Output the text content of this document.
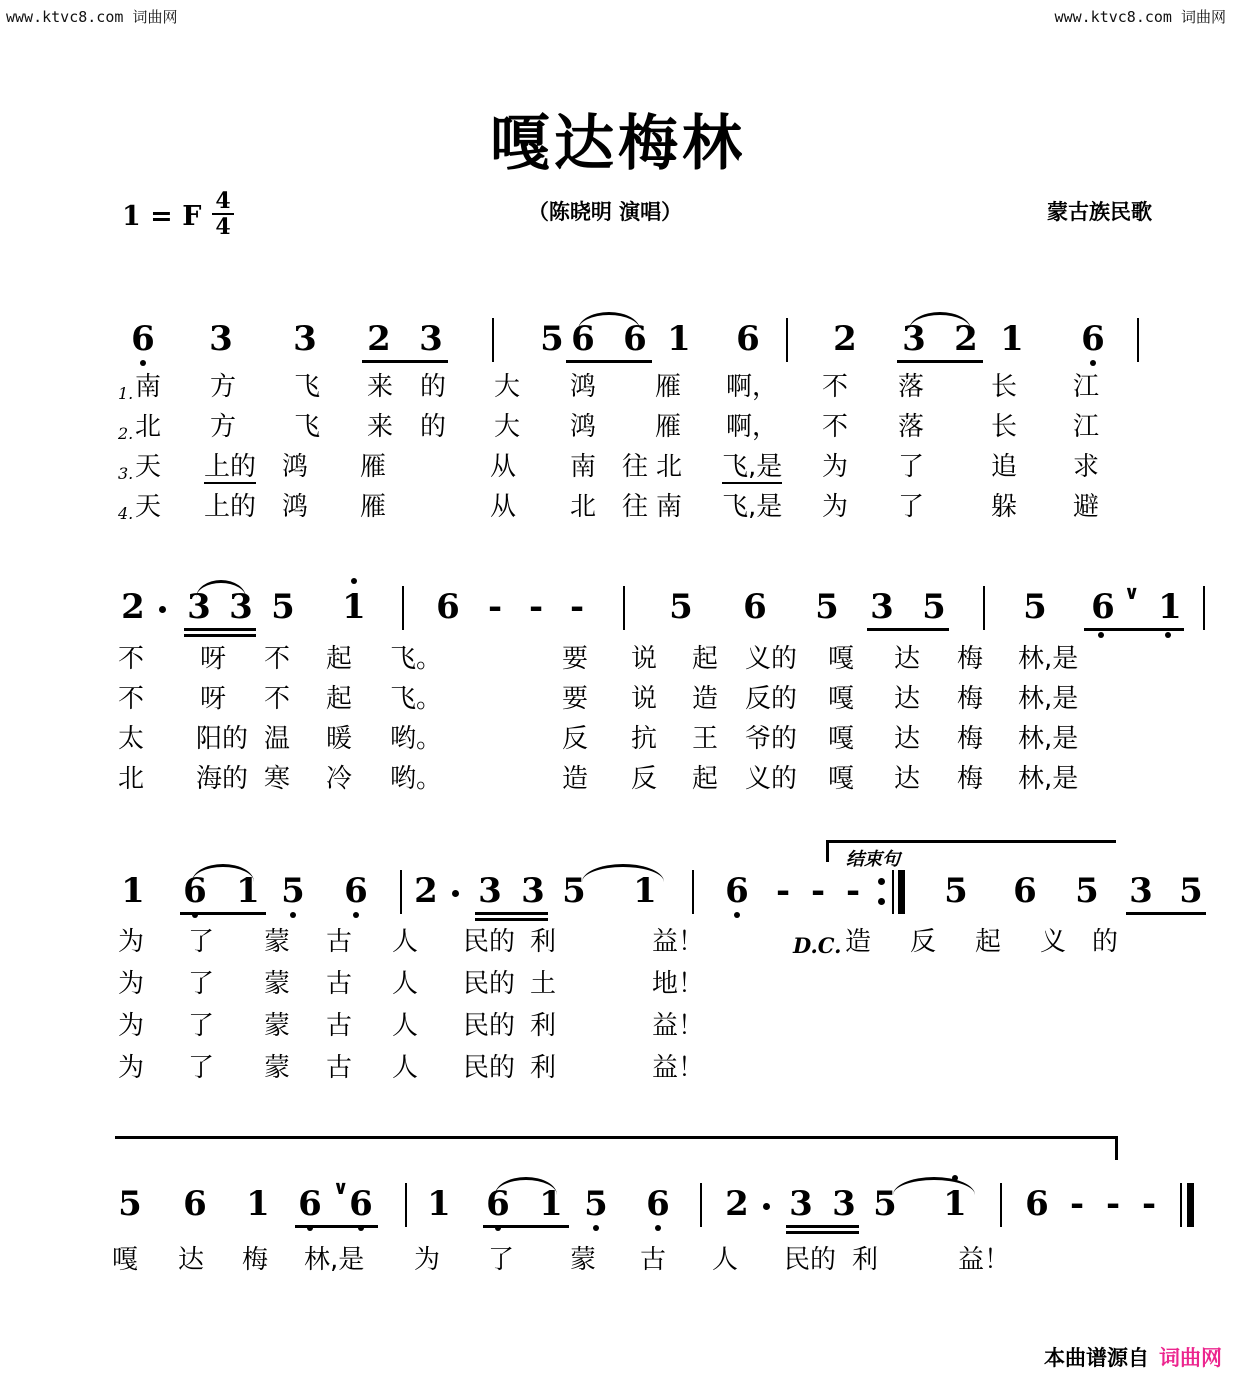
www.ktvc8.com 词曲网	www.ktvc8.com 词曲网
嘎达梅林
1 = F $\frac{4}{4}$	（陈晓明 演唱）	蒙古族民歌
6 3 3 2 3	5 6 6 1 6 2 3 2 1 6
1. 南 方 飞 来 的 大 鸿 雁 啊， 不 落	长 江
2. 北 方 飞 来 的 大 鸿 雁 啊， 不 落	长 江
3. 天 上的 鸿 雁	从 南 往 北 飞,是 为 了	追 求
4. 天 上的 鸿 雁	从 北 往 南 飞,是 为 了	躲 避
2 3 3 5 1 6 - - -	5 6 5 3 5 5 6 1
不 呀 不 起 飞。	要 说 起 义的 嘎 达 梅 林,是
不 呀 不 起 飞。	要 说 造 反的 嘎 达 梅 林,是
太 阳的 温 暖 哟。	反 抗 王 爷的 嘎 达 梅 林,是
北 海的 寒 冷 哟。	造 反 起 义的 嘎 达 梅 林,是
∨
1 6 1 5 6 2 3 3 5 1 6 - - - 5 6 5 3 5
结束句
为 了 蒙 古 人 民的 利	益！	D.C. 造 反 起 义 的
为 了 蒙 古 人 民的 土	地！
为 了 蒙 古 人 民的 利	益！
为 了 蒙 古 人 民的 利	益！
5 6 1 6 ∨ 6 1 6 1 5 6 2 3 3 5 1 6 - - -
嘎 达 梅 林,是 为 了 蒙 古 人 民的 利	益！
本曲谱源自 词曲网
